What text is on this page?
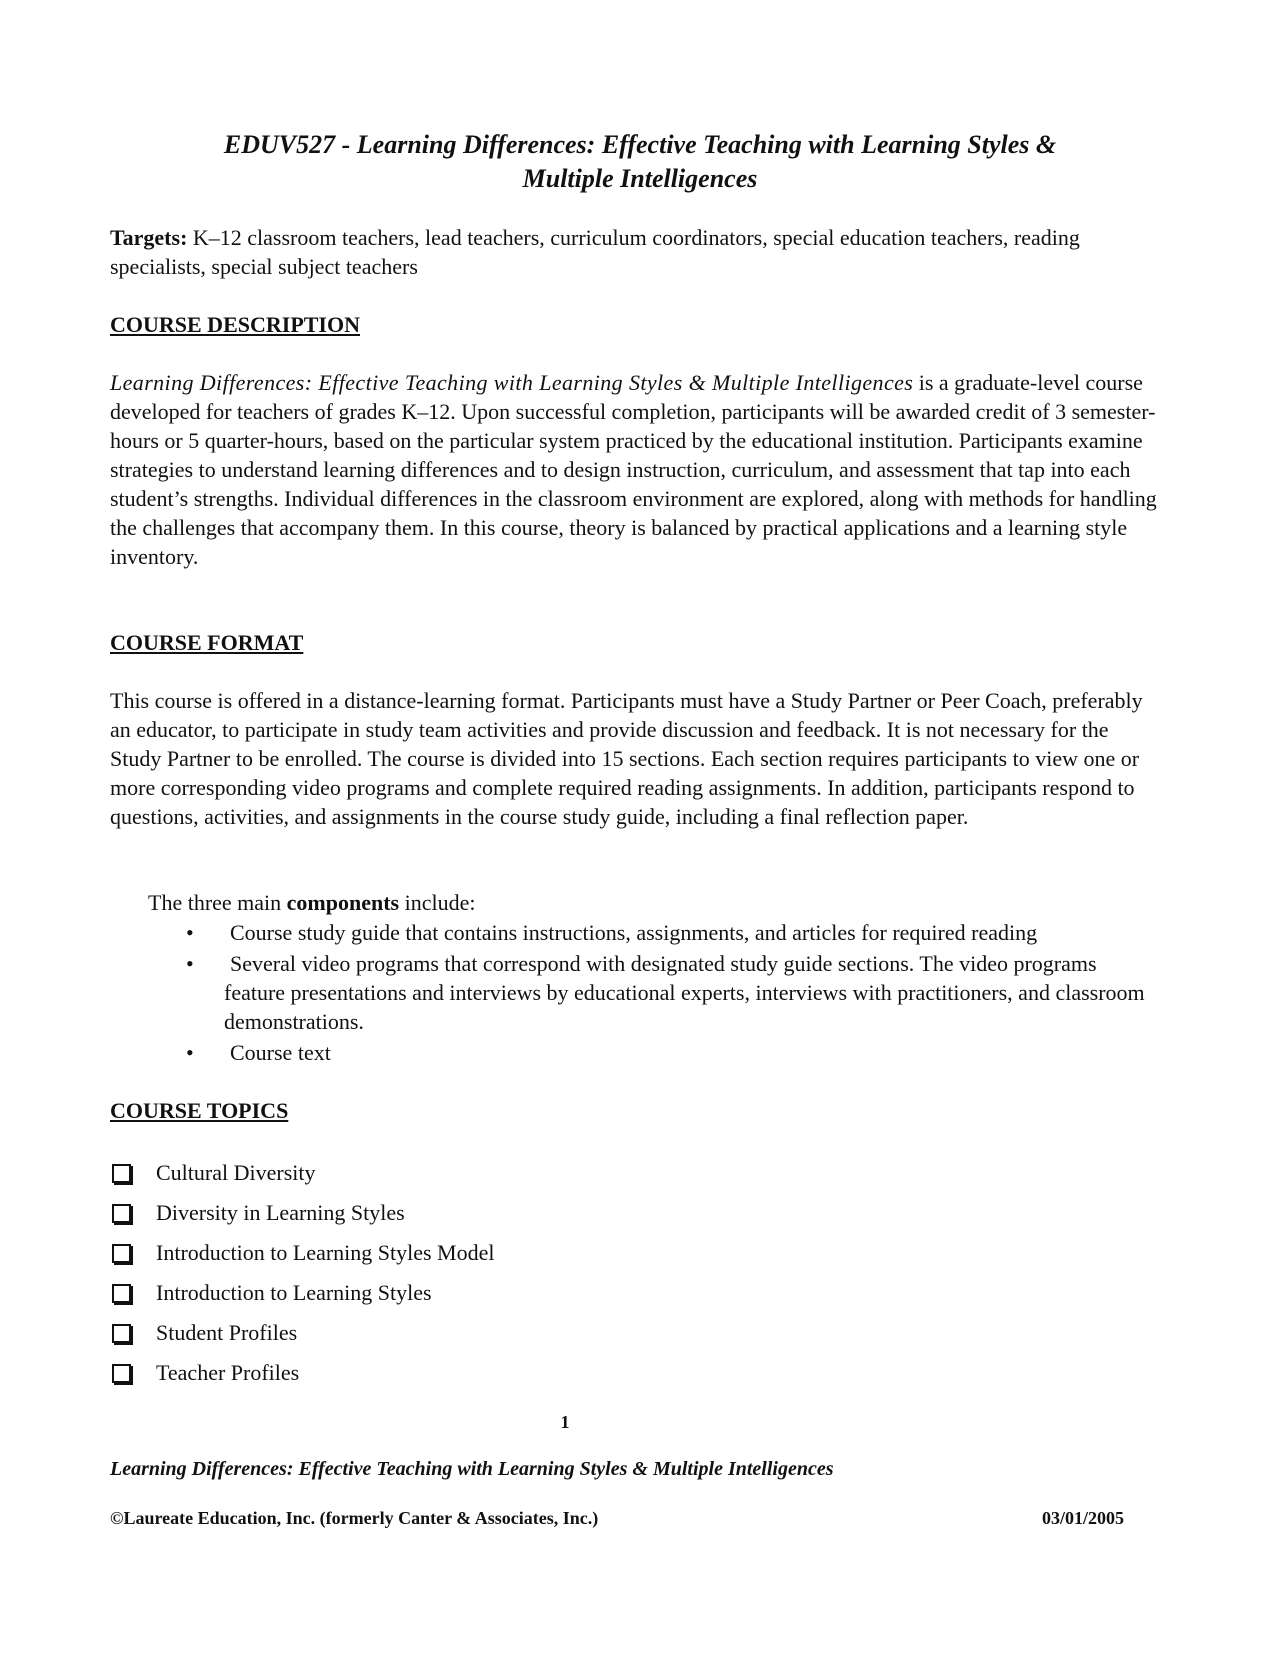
EDUV527 - Learning Differences: Effective Teaching with Learning Styles &
Multiple Intelligences
Targets: K–12 classroom teachers, lead teachers, curriculum coordinators, special education teachers, reading specialists, special subject teachers
COURSE DESCRIPTION
Learning Differences: Effective Teaching with Learning Styles & Multiple Intelligences is a graduate-level course developed for teachers of grades K–12. Upon successful completion, participants will be awarded credit of 3 semester-hours or 5 quarter-hours, based on the particular system practiced by the educational institution. Participants examine strategies to understand learning differences and to design instruction, curriculum, and assessment that tap into each student’s strengths. Individual differences in the classroom environment are explored, along with methods for handling the challenges that accompany them. In this course, theory is balanced by practical applications and a learning style inventory.
COURSE FORMAT
This course is offered in a distance-learning format. Participants must have a Study Partner or Peer Coach, preferably an educator, to participate in study team activities and provide discussion and feedback. It is not necessary for the Study Partner to be enrolled. The course is divided into 15 sections. Each section requires participants to view one or more corresponding video programs and complete required reading assignments. In addition, participants respond to questions, activities, and assignments in the course study guide, including a final reflection paper.
The three main components include:
• Course study guide that contains instructions, assignments, and articles for required reading
• Several video programs that correspond with designated study guide sections. The video programs feature presentations and interviews by educational experts, interviews with practitioners, and classroom demonstrations.
• Course text
COURSE TOPICS
Cultural Diversity
Diversity in Learning Styles
Introduction to Learning Styles Model
Introduction to Learning Styles
Student Profiles
Teacher Profiles
1
Learning Differences: Effective Teaching with Learning Styles & Multiple Intelligences
©Laureate Education, Inc. (formerly Canter & Associates, Inc.)	03/01/2005
